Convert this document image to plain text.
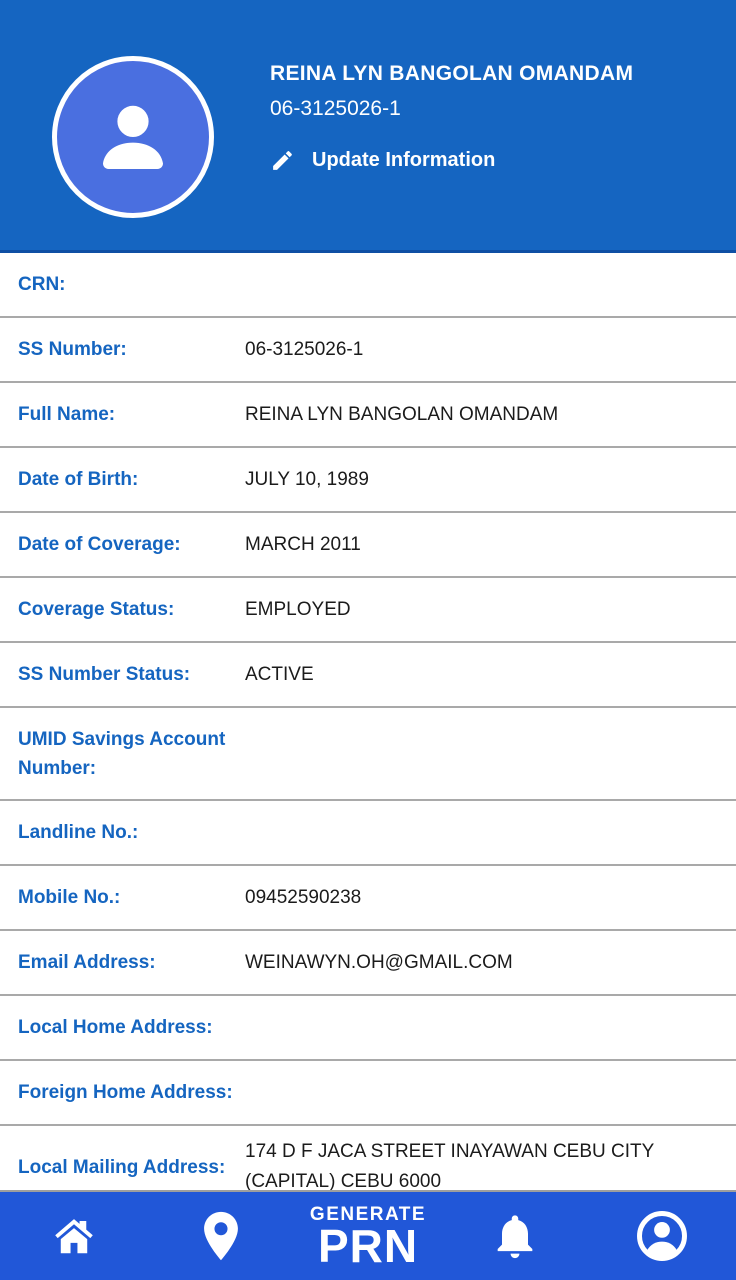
REINA LYN BANGOLAN OMANDAM
06-3125026-1
Update Information
CRN:
SS Number:	06-3125026-1
Full Name:	REINA LYN BANGOLAN OMANDAM
Date of Birth:	JULY 10, 1989
Date of Coverage:	MARCH 2011
Coverage Status:	EMPLOYED
SS Number Status:	ACTIVE
UMID Savings Account Number:
Landline No.:
Mobile No.:	09452590238
Email Address:	WEINAWYN.OH@GMAIL.COM
Local Home Address:
Foreign Home Address:
Local Mailing Address:
174 D F JACA STREET INAYAWAN CEBU CITY (CAPITAL) CEBU 6000
GENERATE
PRN
